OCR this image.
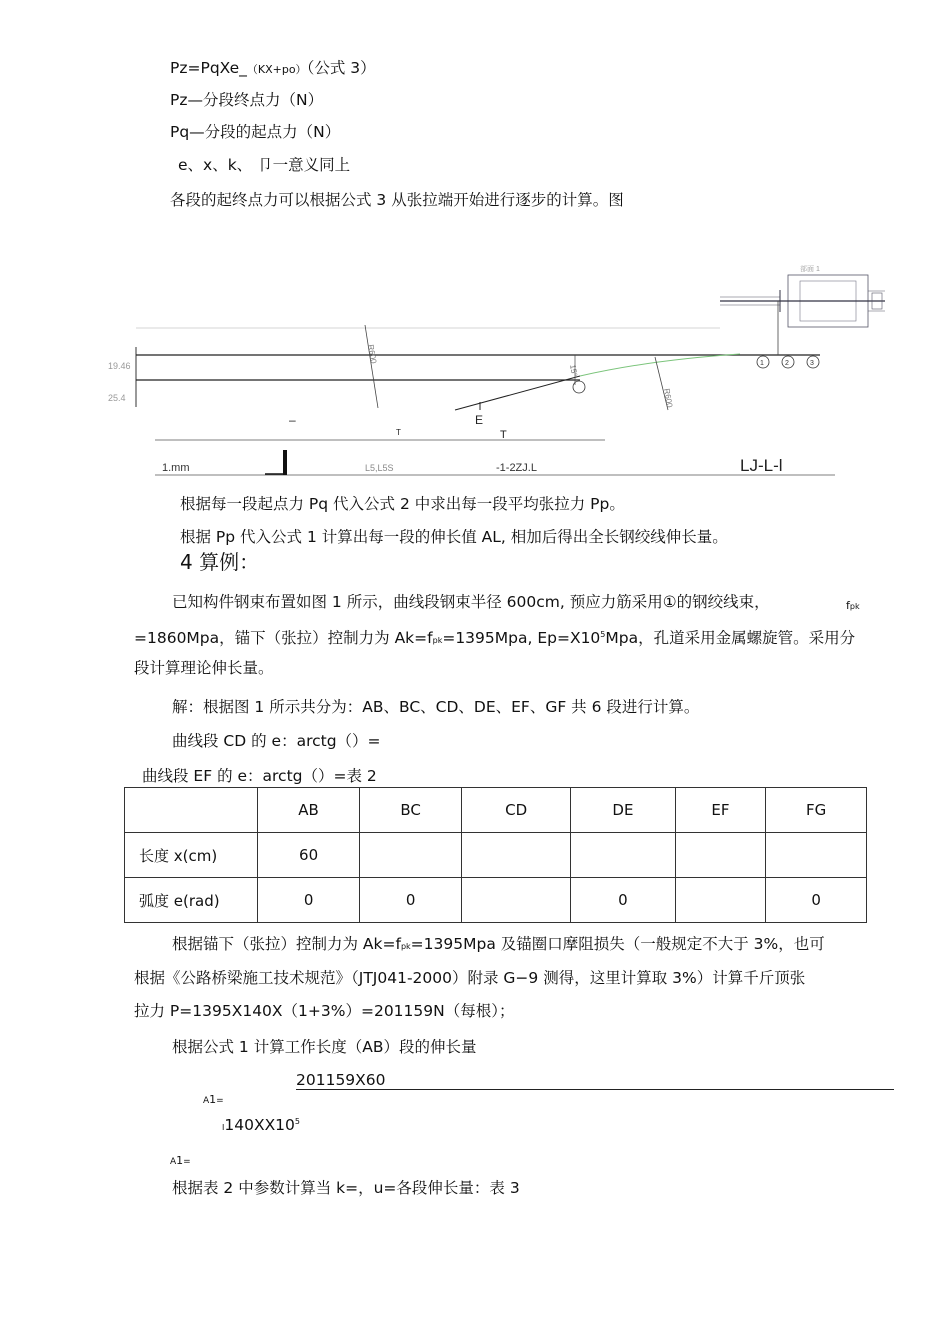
Pz=PqXe_（KX+po）（公式 3）
Pz—分段终点力（N）
Pq—分段的起点力（N）
e、x、k、 卩一意义同上
各段的起终点力可以根据公式 3 从张拉端开始进行逐步的计算。图
19.46
25.4
R600
R600
15°
1	2	3
部面 1
–
T
E
T
1.mm	L5,L5S	-1-2ZJ.L	LJ-L-l
根据每一段起点力 Pq 代入公式 2 中求出每一段平均张拉力 Pp。
根据 Pp 代入公式 1 计算出每一段的伸长值 AL, 相加后得出全长钢绞线伸长量。
4 算例：
已知构件钢束布置如图 1 所示，曲线段钢束半径 600cm, 预应力筋采用①的钢绞线束，	fpk
=1860Mpa，锚下（张拉）控制力为 Ak=fpk=1395Mpa, $Ep=X10^5Mpa$，孔道采用金属螺旋管。采用分
段计算理论伸长量。
解：根据图 1 所示共分为：AB、BC、CD、DE、EF、GF 共 6 段进行计算。
曲线段 CD 的 e：arctg（）=
曲线段 EF 的 e：arctg（）=表 2
	AB	BC	CD	DE	EF	FG
长度 x(cm)	60					
弧度 e(rad)	0	0		0		0
根据锚下（张拉）控制力为 Ak=fpk=1395Mpa 及锚圈口摩阻损失（一般规定不大于 3%，也可
根据《公路桥梁施工技术规范》（JTJ041-2000）附录 G−9 测得，这里计算取 3%）计算千斤顶张
拉力 P=1395X140X（1+3%）=201159N（每根）；
根据公式 1 计算工作长度（AB）段的伸长量
201159X60
A1=
$I140XX10^5$
A1=
根据表 2 中参数计算当 k=，u=各段伸长量：表 3
